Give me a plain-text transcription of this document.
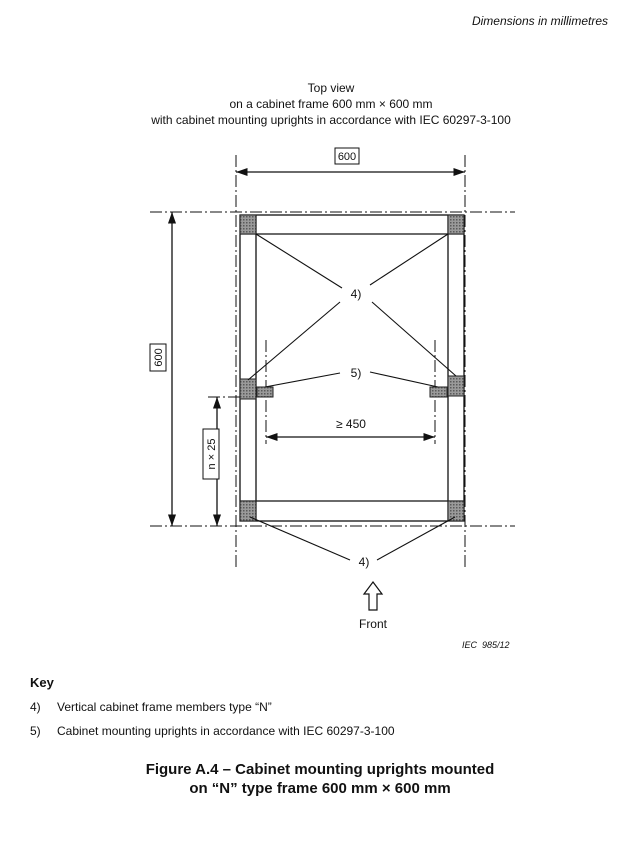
Dimensions in millimetres
Top view
on a cabinet frame 600 mm × 600 mm
with cabinet mounting uprights in accordance with IEC 60297-3-100
4)
5)
4)
600
600
n × 25
≥ 450
Front
IEC  985/12
Key
4)	Vertical cabinet frame members type “N”
5)	Cabinet mounting uprights in accordance with IEC 60297-3-100
Figure A.4 – Cabinet mounting uprights mounted
on “N” type frame 600 mm × 600 mm
